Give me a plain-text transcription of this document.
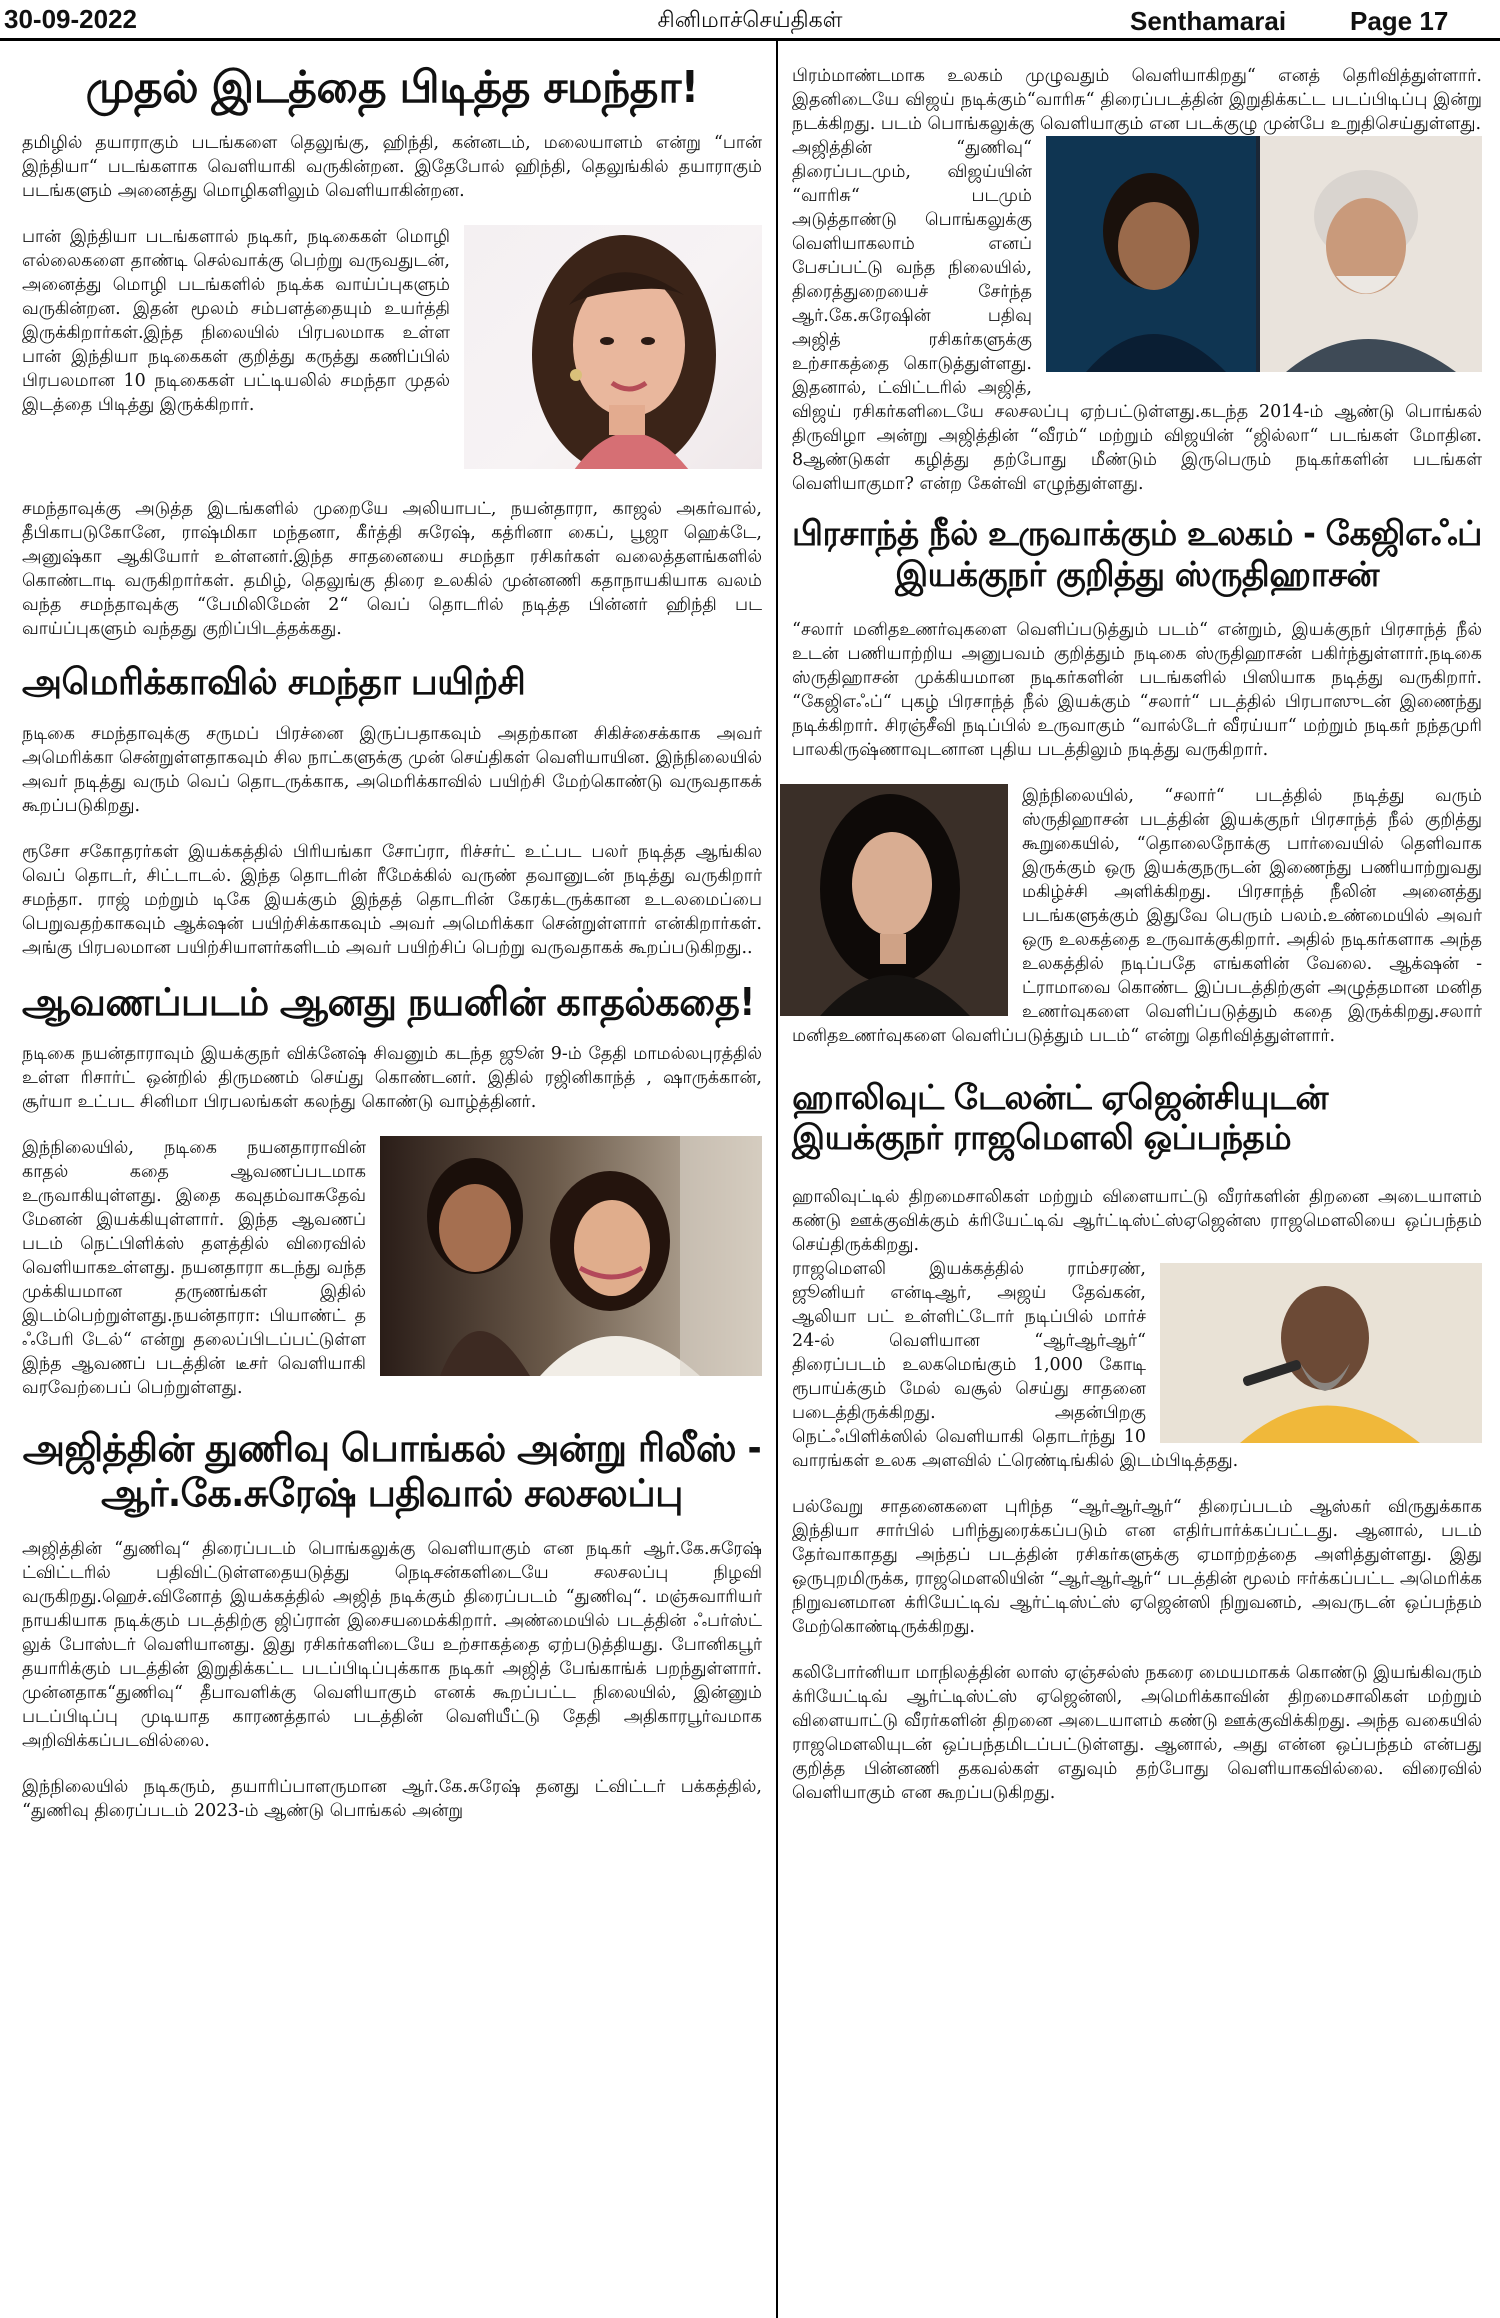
30-09-2022	சினிமாச்செய்திகள்	Senthamarai Page 17
முதல் இடத்தை பிடித்த சமந்தா!

தமிழில் தயாராகும் படங்களை தெலுங்கு, ஹிந்தி, கன்னடம், மலையாளம் என்று “பான் இந்தியா“ படங்களாக வெளியாகி வருகின்றன. இதேபோல் ஹிந்தி, தெலுங்கில் தயாராகும் படங்களும் அனைத்து மொழிகளிலும் வெளியாகின்றன.

பான் இந்தியா படங்களால் நடிகர், நடிகைகள் மொழி எல்லைகளை தாண்டி செல்வாக்கு பெற்று வருவதுடன், அனைத்து மொழி படங்களில் நடிக்க வாய்ப்புகளும் வருகின்றன. இதன் மூலம் சம்பளத்தையும் உயர்த்தி இருக்கிறார்கள்.இந்த நிலையில் பிரபலமாக உள்ள பான் இந்தியா நடிகைகள் குறித்து கருத்து கணிப்பில் பிரபலமான 10 நடிகைகள் பட்டியலில் சமந்தா முதல் இடத்தை பிடித்து இருக்கிறார்.

சமந்தாவுக்கு அடுத்த இடங்களில் முறையே அலியாபட், நயன்தாரா, காஜல் அகர்வால், தீபிகாபடுகோனே, ராஷ்மிகா மந்தனா, கீர்த்தி சுரேஷ், கத்ரினா கைப், பூஜா ஹெக்டே, அனுஷ்கா ஆகியோர் உள்ளனர்.இந்த சாதனையை சமந்தா ரசிகர்கள் வலைத்தளங்களில் கொண்டாடி வருகிறார்கள். தமிழ், தெலுங்கு திரை உலகில் முன்னணி கதாநாயகியாக வலம் வந்த சமந்தாவுக்கு “பேமிலிமேன் 2“ வெப் தொடரில் நடித்த பின்னர் ஹிந்தி பட வாய்ப்புகளும் வந்தது குறிப்பிடத்தக்கது.

அமெரிக்காவில் சமந்தா பயிற்சி

நடிகை சமந்தாவுக்கு சருமப் பிரச்னை இருப்பதாகவும் அதற்கான சிகிச்சைக்காக அவர் அமெரிக்கா சென்றுள்ளதாகவும் சில நாட்களுக்கு முன் செய்திகள் வெளியாயின. இந்நிலையில் அவர் நடித்து வரும் வெப் தொடருக்காக, அமெரிக்காவில் பயிற்சி மேற்கொண்டு வருவதாகக் கூறப்படுகிறது.

ரூசோ சகோதரர்கள் இயக்கத்தில் பிரியங்கா சோப்ரா, ரிச்சர்ட் உட்பட பலர் நடித்த ஆங்கில வெப் தொடர், சிட்டாடல். இந்த தொடரின் ரீமேக்கில் வருண் தவானுடன் நடித்து வருகிறார் சமந்தா. ராஜ் மற்றும் டிகே இயக்கும் இந்தத் தொடரின் கேரக்டருக்கான உடலமைப்பை பெறுவதற்காகவும் ஆக்‌ஷன் பயிற்சிக்காகவும் அவர் அமெரிக்கா சென்றுள்ளார் என்கிறார்கள். அங்கு பிரபலமான பயிற்சியாளர்களிடம் அவர் பயிற்சிப் பெற்று வருவதாகக் கூறப்படுகிறது..

ஆவணப்படம் ஆனது நயனின் காதல்கதை!

நடிகை நயன்தாராவும் இயக்குநர் விக்னேஷ் சிவனும் கடந்த ஜூன் 9-ம் தேதி மாமல்லபுரத்தில் உள்ள ரிசார்ட் ஒன்றில் திருமணம் செய்து கொண்டனர். இதில் ரஜினிகாந்த் , ஷாருக்கான், சூர்யா உட்பட சினிமா பிரபலங்கள் கலந்து கொண்டு வாழ்த்தினர்.

இந்நிலையில், நடிகை நயனதாராவின் காதல் கதை ஆவணப்படமாக உருவாகியுள்ளது. இதை கவுதம்வாசுதேவ் மேனன் இயக்கியுள்ளார். இந்த ஆவணப் படம் நெட்பிளிக்ஸ் தளத்தில் விரைவில் வெளியாகஉள்ளது. நயனதாரா கடந்து வந்த முக்கியமான தருணங்கள் இதில் இடம்பெற்றுள்ளது.நயன்தாரா: பியாண்ட் த ஃபேரி டேல்“ என்று தலைப்பிடப்பட்டுள்ள இந்த ஆவணப் படத்தின் டீசர் வெளியாகி வரவேற்பைப் பெற்றுள்ளது.

அஜித்தின் துணிவு பொங்கல் அன்று ரிலீஸ் - ஆர்.கே.சுரேஷ் பதிவால் சலசலப்பு

அஜித்தின் “துணிவு“ திரைப்படம் பொங்கலுக்கு வெளியாகும் என நடிகர் ஆர்.கே.சுரேஷ் ட்விட்டரில் பதிவிட்டுள்ளதையடுத்து நெடிசன்களிடையே சலசலப்பு நிழவி வருகிறது.ஹெச்.வினோத் இயக்கத்தில் அஜித் நடிக்கும் திரைப்படம் “துணிவு“. மஞ்சுவாரியர் நாயகியாக நடிக்கும் படத்திற்கு ஜிப்ரான் இசையமைக்கிறார். அண்மையில் படத்தின் ஃபர்ஸ்ட் லுக் போஸ்டர் வெளியானது. இது ரசிகர்களிடையே உற்சாகத்தை ஏற்படுத்தியது. போனிகபூர் தயாரிக்கும் படத்தின் இறுதிக்கட்ட படப்பிடிப்புக்காக நடிகர் அஜித் பேங்காங்க் பறந்துள்ளார். முன்னதாக“துணிவு“ தீபாவளிக்கு வெளியாகும் எனக் கூறப்பட்ட நிலையில், இன்னும் படப்பிடிப்பு முடியாத காரணத்தால் படத்தின் வெளியீட்டு தேதி அதிகாரபூர்வமாக அறிவிக்கப்படவில்லை.

இந்நிலையில் நடிகரும், தயாரிப்பாளருமான ஆர்.கே.சுரேஷ் தனது ட்விட்டர் பக்கத்தில், “துணிவு திரைப்படம் 2023-ம் ஆண்டு பொங்கல் அன்று

பிரம்மாண்டமாக உலகம் முழுவதும் வெளியாகிறது“ எனத் தெரிவித்துள்ளார். இதனிடையே விஜய் நடிக்கும்“வாரிசு“ திரைப்படத்தின் இறுதிக்கட்ட படப்பிடிப்பு இன்று நடக்கிறது. படம் பொங்கலுக்கு வெளியாகும் என படக்குழு முன்பே உறுதிசெய்துள்ளது.

அஜித்தின் “துணிவு“ திரைப்படமும், விஜய்யின் “வாரிசு“ படமும் அடுத்தாண்டு பொங்கலுக்கு வெளியாகலாம் எனப் பேசப்பட்டு வந்த நிலையில், திரைத்துறையைச் சேர்ந்த ஆர்.கே.சுரேஷின் பதிவு அஜித் ரசிகர்களுக்கு உற்சாகத்தை கொடுத்துள்ளது. இதனால், ட்விட்டரில் அஜித், விஜய் ரசிகர்களிடையே சலசலப்பு ஏற்பட்டுள்ளது.கடந்த 2014-ம் ஆண்டு பொங்கல் திருவிழா அன்று அஜித்தின் “வீரம்“ மற்றும் விஜயின் “ஜில்லா“ படங்கள் மோதின. 8ஆண்டுகள் கழித்து தற்போது மீண்டும் இருபெரும் நடிகர்களின் படங்கள் வெளியாகுமா? என்ற கேள்வி எழுந்துள்ளது.

பிரசாந்த் நீல் உருவாக்கும் உலகம் - கேஜிஎஃப் இயக்குநர் குறித்து ஸ்ருதிஹாசன்

“சலார் மனிதஉணர்வுகளை வெளிப்படுத்தும் படம்“ என்றும், இயக்குநர் பிரசாந்த் நீல் உடன் பணியாற்றிய அனுபவம் குறித்தும் நடிகை ஸ்ருதிஹாசன் பகிர்ந்துள்ளார்.நடிகை ஸ்ருதிஹாசன் முக்கியமான நடிகர்களின் படங்களில் பிஸியாக நடித்து வருகிறார். “கேஜிஎஃப்“ புகழ் பிரசாந்த் நீல் இயக்கும் “சலார்“ படத்தில் பிரபாஸுடன் இணைந்து நடிக்கிறார். சிரஞ்சீவி நடிப்பில் உருவாகும் “வால்டேர் வீரய்யா“ மற்றும் நடிகர் நந்தமுரி பாலகிருஷ்ணாவுடனான புதிய படத்திலும் நடித்து வருகிறார்.

இந்நிலையில், “சலார்“ படத்தில் நடித்து வரும் ஸ்ருதிஹாசன் படத்தின் இயக்குநர் பிரசாந்த் நீல் குறித்து கூறுகையில், “தொலைநோக்கு பார்வையில் தெளிவாக இருக்கும் ஒரு இயக்குநருடன் இணைந்து பணியாற்றுவது மகிழ்ச்சி அளிக்கிறது. பிரசாந்த் நீலின் அனைத்து படங்களுக்கும் இதுவே பெரும் பலம்.உண்மையில் அவர் ஒரு உலகத்தை உருவாக்குகிறார். அதில் நடிகர்களாக அந்த உலகத்தில் நடிப்பதே எங்களின் வேலை. ஆக்‌ஷன் - ட்ராமாவை கொண்ட இப்படத்திற்குள் அழுத்தமான மனித உணர்வுகளை வெளிப்படுத்தும் கதை இருக்கிறது.சலார் மனிதஉணர்வுகளை வெளிப்படுத்தும் படம்“ என்று தெரிவித்துள்ளார்.

ஹாலிவுட் டேலன்ட் ஏஜென்சியுடன் இயக்குநர் ராஜமௌலி ஒப்பந்தம்

ஹாலிவுட்டில் திறமைசாலிகள் மற்றும் விளையாட்டு வீரர்களின் திறனை அடையாளம் கண்டு ஊக்குவிக்கும் க்ரியேட்டிவ் ஆர்ட்டிஸ்ட்ஸ்ஏஜென்ஸ ராஜமௌலியை ஒப்பந்தம் செய்திருக்கிறது.

ராஜமௌலி இயக்கத்தில் ராம்சரண், ஜூனியர் என்டிஆர், அஜய் தேவ்கன், ஆலியா பட் உள்ளிட்டோர் நடிப்பில் மார்ச் 24-ல் வெளியான “ஆர்ஆர்ஆர்“ திரைப்படம் உலகமெங்கும் 1,000 கோடி ரூபாய்க்கும் மேல் வசூல் செய்து சாதனை படைத்திருக்கிறது. அதன்பிறகு நெட்ஃபிளிக்ஸில் வெளியாகி தொடர்ந்து 10 வாரங்கள் உலக அளவில் ட்ரெண்டிங்கில் இடம்பிடித்தது.

பல்வேறு சாதனைகளை புரிந்த “ஆர்ஆர்ஆர்“ திரைப்படம் ஆஸ்கர் விருதுக்காக இந்தியா சார்பில் பரிந்துரைக்கப்படும் என எதிர்பார்க்கப்பட்டது. ஆனால், படம் தேர்வாகாதது அந்தப் படத்தின் ரசிகர்களுக்கு ஏமாற்றத்தை அளித்துள்ளது. இது ஒருபுறமிருக்க, ராஜமௌலியின் “ஆர்ஆர்ஆர்“ படத்தின் மூலம் ஈர்க்கப்பட்ட அமெரிக்க நிறுவனமான க்ரியேட்டிவ் ஆர்ட்டிஸ்ட்ஸ் ஏஜென்ஸி நிறுவனம், அவருடன் ஒப்பந்தம் மேற்கொண்டிருக்கிறது.

கலிபோர்னியா மாநிலத்தின் லாஸ் ஏஞ்சல்ஸ் நகரை மையமாகக் கொண்டு இயங்கிவரும் க்ரியேட்டிவ் ஆர்ட்டிஸ்ட்ஸ் ஏஜென்ஸி, அமெரிக்காவின் திறமைசாலிகள் மற்றும் விளையாட்டு வீரர்களின் திறனை அடையாளம் கண்டு ஊக்குவிக்கிறது. அந்த வகையில் ராஜமௌலியுடன் ஒப்பந்தமிடப்பட்டுள்ளது. ஆனால், அது என்ன ஒப்பந்தம் என்பது குறித்த பின்னணி தகவல்கள் எதுவும் தற்போது வெளியாகவில்லை. விரைவில் வெளியாகும் என கூறப்படுகிறது.
